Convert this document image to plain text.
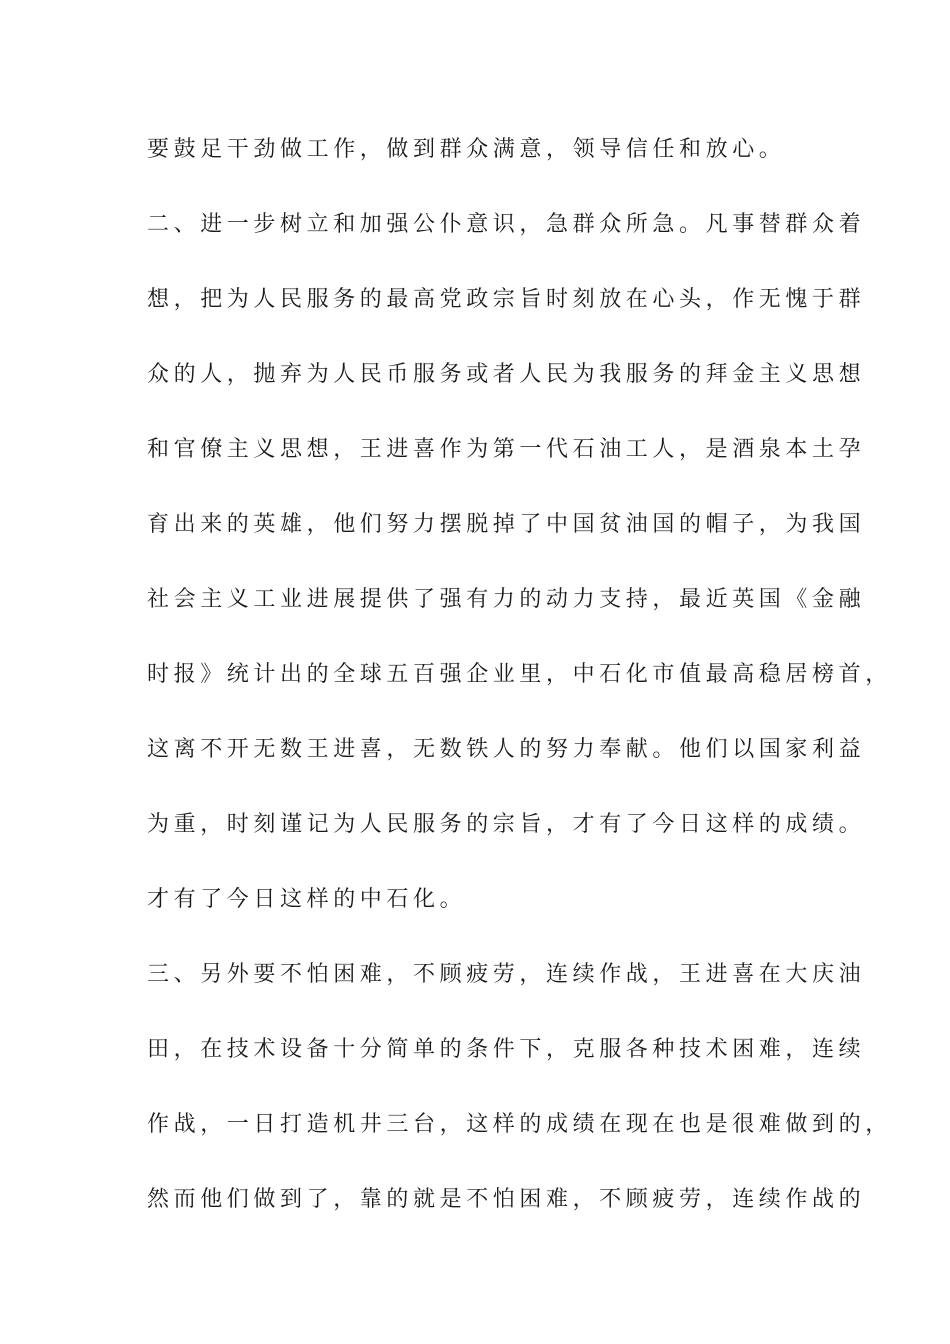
要鼓足干劲做工作，做到群众满意，领导信任和放心。
二、进一步树立和加强公仆意识，急群众所急。凡事替群众着
想，把为人民服务的最高党政宗旨时刻放在心头，作无愧于群
众的人，抛弃为人民币服务或者人民为我服务的拜金主义思想
和官僚主义思想，王进喜作为第一代石油工人，是酒泉本土孕
育出来的英雄，他们努力摆脱掉了中国贫油国的帽子，为我国
社会主义工业进展提供了强有力的动力支持，最近英国《金融
时报》统计出的全球五百强企业里，中石化市值最高稳居榜首，
这离不开无数王进喜，无数铁人的努力奉献。他们以国家利益
为重，时刻谨记为人民服务的宗旨，才有了今日这样的成绩。
才有了今日这样的中石化。
三、另外要不怕困难，不顾疲劳，连续作战，王进喜在大庆油
田，在技术设备十分简单的条件下，克服各种技术困难，连续
作战，一日打造机井三台，这样的成绩在现在也是很难做到的，
然而他们做到了，靠的就是不怕困难，不顾疲劳，连续作战的
